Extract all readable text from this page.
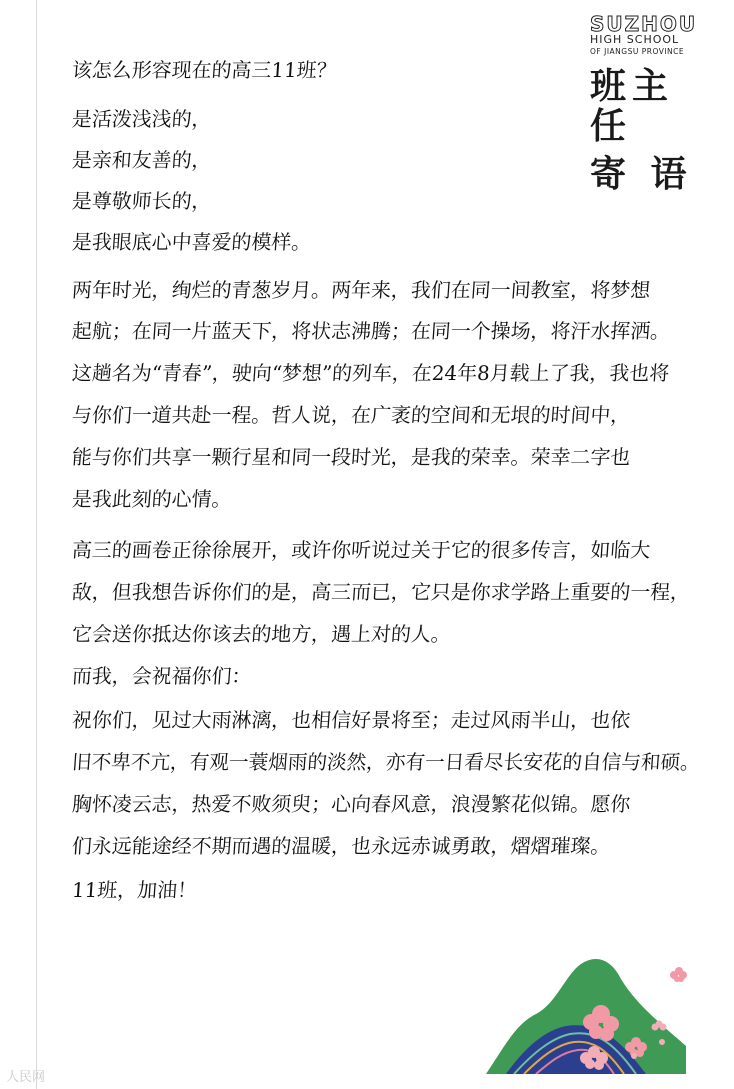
SUZHOU
HIGH SCHOOL
OF JIANGSU PROVINCE
班主任
寄 语
该怎么形容现在的高三11班？
是活泼浅浅的，
是亲和友善的，
是尊敬师长的，
是我眼底心中喜爱的模样。
两年时光，绚烂的青葱岁月。两年来，我们在同一间教室，将梦想
起航；在同一片蓝天下，将状志沸腾；在同一个操场，将汗水挥洒。
这趟名为“青春”，驶向“梦想”的列车，在24年8月载上了我，我也将
与你们一道共赴一程。哲人说，在广袤的空间和无垠的时间中，
能与你们共享一颗行星和同一段时光，是我的荣幸。荣幸二字也
是我此刻的心情。
高三的画卷正徐徐展开，或许你听说过关于它的很多传言，如临大
敌，但我想告诉你们的是，高三而已，它只是你求学路上重要的一程，
它会送你抵达你该去的地方，遇上对的人。
而我，会祝福你们：
祝你们，见过大雨淋漓，也相信好景将至；走过风雨半山，也依
旧不卑不亢，有观一蓑烟雨的淡然，亦有一日看尽长安花的自信与和硕。
胸怀凌云志，热爱不败须臾；心向春风意，浪漫繁花似锦。愿你
们永远能途经不期而遇的温暖，也永远赤诚勇敢，熠熠璀璨。
11班，加油！
人民网
